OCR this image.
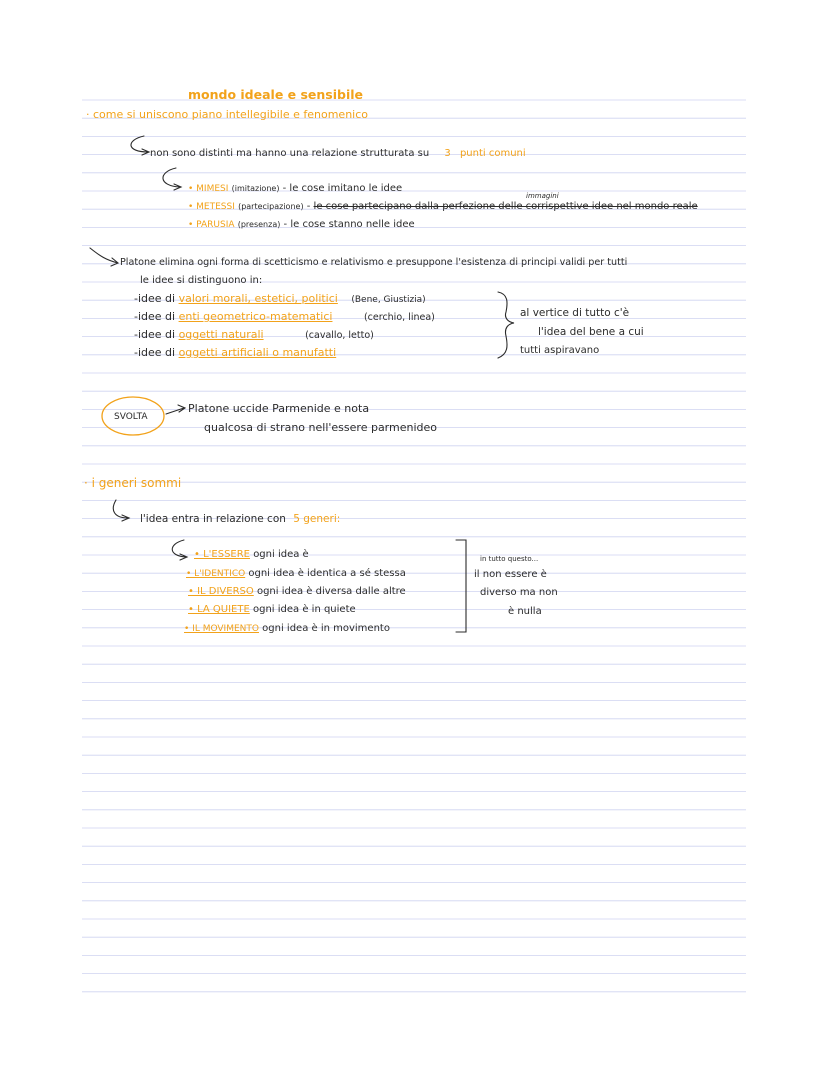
mondo ideale e sensibile
· come si uniscono piano intellegibile e fenomenico
non sono distinti ma hanno una relazione strutturata su 3 punti comuni
immagini
• MIMESI (imitazione) - le cose imitano le idee
• METESSI (partecipazione) - le cose partecipano dalla perfezione delle corrispettive idee nel mondo reale
• PARUSIA (presenza) - le cose stanno nelle idee
Platone elimina ogni forma di scetticismo e relativismo e presuppone l'esistenza di principi validi per tutti
le idee si distinguono in:
-idee di valori morali, estetici, politici (Bene, Giustizia)
-idee di enti geometrico-matematici	(cerchio, linea)
-idee di oggetti naturali	(cavallo, letto)
-idee di oggetti artificiali o manufatti
al vertice di tutto c'è
l'idea del bene a cui
tutti aspiravano
SVOLTA
Platone uccide Parmenide e nota
qualcosa di strano nell'essere parmenideo
· i generi sommi
l'idea entra in relazione con 5 generi:
• L'ESSERE ogni idea è
• L'IDENTICO ogni idea è identica a sé stessa
• IL DIVERSO ogni idea è diversa dalle altre
• LA QUIETE ogni idea è in quiete
• IL MOVIMENTO ogni idea è in movimento
in tutto questo...
il non essere è
diverso ma non
è nulla
